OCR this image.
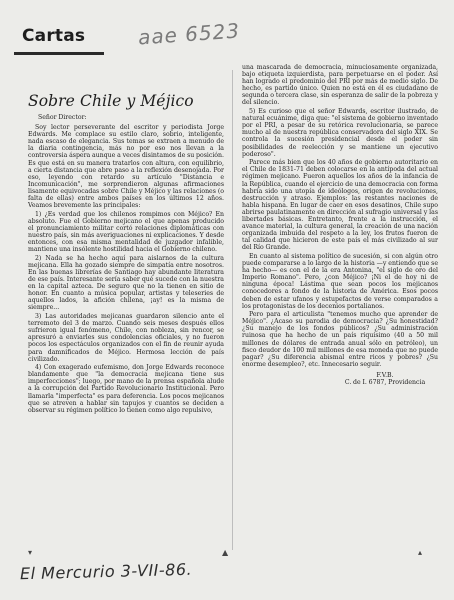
Cartas	aae 6523
Sobre Chile y Méjico

Señor Director:

Soy lector perseverante del escritor y periodista Jorge Edwards. Me complace su estilo claro, sobrio, inteligente, nada escaso de elegancia. Sus temas se extraen a menudo de la diaria contingencia, más no por eso nos llevan a la controversia áspera aunque a veces disintamos de su posición. Es que está en su manera tratarlos con altura, con equilibrio, a cierta distancia que abre paso a la reflexión desenojada. Por eso, leyendo con retardo su artículo "Distancia e Incomunicación", me sorprendieron algunas afirmaciones lisamente equivocadas sobre Chile y Méjico y las relaciones (o falta de ellas) entre ambos países en los últimos 12 años. Veamos brevemente las principales:

1) ¿Es verdad que los chilenos rompimos con Méjico? En absoluto. Fue el Gobierno mejicano el que apenas producido el pronunciamiento militar cortó relaciones diplomáticas con nuestro país, sin más averiguaciones ni explicaciones. Y desde entonces, con esa misma mentalidad de juzgador infalible, mantiene una insólente hostilidad hacia el Gobierno chileno.

2) Nada se ha hecho aquí para aislarnos de la cultura mejicana. Ella ha gozado siempre de simpatía entre nosotros. En las buenas librerías de Santiago hay abundante literatura de ese país. Interesante sería saber qué sucede con la nuestra en la capital azteca. De seguro que no la tienen en sitio de honor. En cuanto a música popular, artistas y teleseries de aquellos lados, la afición chilena, ¡ay! es la misma de siempre...

3) Las autoridades mejicanas guardaron silencio ante el terremoto del 3 de marzo. Cuando seis meses después ellos sufrieron igual fenómeno, Chile, con nobleza, sin rencor, se apresuró a enviarles sus condolencias oficiales, y no fueron pocos los espectáculos organizados con el fin de reunir ayuda para damnificados de Méjico. Hermosa lección de país civilizado.

4) Con exagerado eufemismo, don Jorge Edwards reconoce blandamente que "la democracia mejicana tiene sus imperfecciones"; luego, por mano de la prensa española alude a la corrupción del Partido Revolucionario Institucional. Pero llamarla "imperfecta" es para deferencia. Los pocos mejicanos que se atreven a hablar sin tapujos y cuantos se deciden a observar su régimen político lo tienen como algo repulsivo,

una mascarada de democracia, minuciosamente organizada, bajo etiqueta izquierdista, para perpetuarse en el poder. Así han logrado el predominio del PRI por más de medio siglo. De hecho, es partido único. Quien no está en él es ciudadano de segunda o tercera clase, sin esperanza de salir de la pobreza y del silencio.

5) Es curioso que el señor Edwards, escritor ilustrado, de natural ecuánime, diga que: "el sistema de gobierno inventado por el PRI, a pesar de su retórica revolucionaria, se parece mucho al de nuestra república conservadora del siglo XIX. Se controla la sucesión presidencial desde el poder sin posibilidades de reelección y se mantiene un ejecutivo poderoso".

Parece más bien que los 40 años de gobierno autoritario en el Chile de 1831-71 deben colocarse en la antípoda del actual régimen mejicano. Fueron aquellos los años de la infancia de la República, cuando el ejercicio de una democracia con forma habría sido una utopía de ideólogos, origen de revoluciones, destrucción y atraso. Ejemplos: las restantes naciones de habla hispana. En lugar de caer en esos desatinos, Chile supo abrirse paulatinamente en dirección al sufragio universal y las libertades básicas. Entretanto, frente a la instrucción, el avance material, la cultura general, la creación de una nación organizada imbuida del respeto a la ley, los frutos fueron de tal calidad que hicieron de este país el más civilizado al sur del Río Grande.

En cuanto al sistema político de sucesión, si con algún otro puede compararse a lo largo de la historia —y entiendo que se ha hecho— es con el de la era Antonina, "el siglo de oro del Imperio Romano". Pero, ¿con Méjico? ¡Ni el de hoy ni de ninguna época! Lástima que sean pocos los mejicanos conocedores a fondo de la historia de América. Esos pocos deben de estar ufanos y estupefactos de verse comparados a los protagonistas de los decenios portalianos.

Pero para el articulista "tenemos mucho que aprender de Méjico". ¿Acaso su parodia de democracia? ¿Su honestidad? ¿Su manejo de los fondos públicos? ¿Su administración ruinosa que ha hecho de un país riquísimo (40 a 50 mil millones de dólares de entrada anual sólo en petróleo), un fisco deudor de 100 mil millones de esa moneda que no puede pagar? ¿Su diferencia abismal entre ricos y pobres? ¿Su enorme desempleo?, etc. Innecesario seguir.

F.V.B.
C. de I. 6787, Providencia
▾	▲	▴
El Mercurio 3-VII-86.
